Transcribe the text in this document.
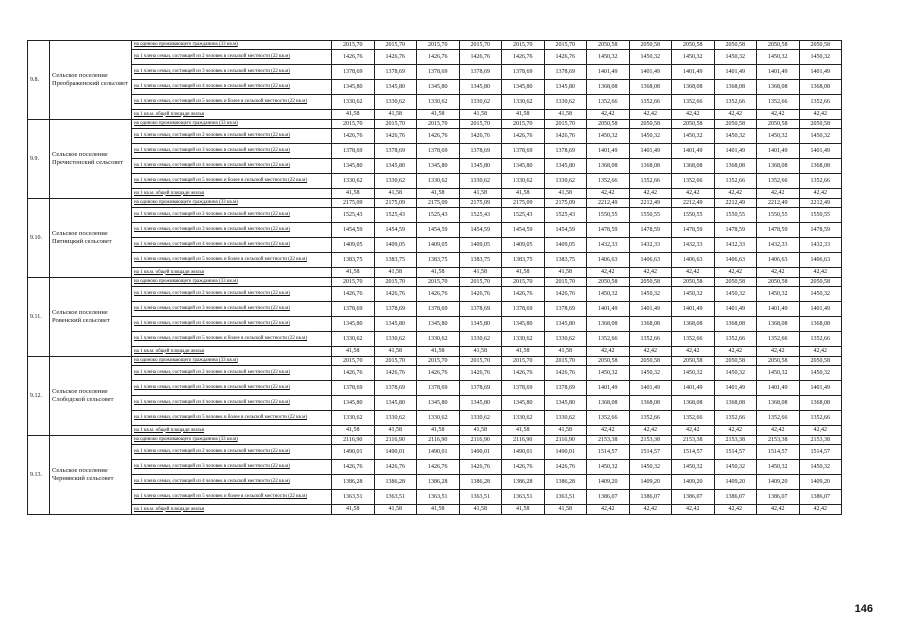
9.8.	Сельское поселение Преображенский сельсовет	на одиноко проживающего гражданина (33 кв.м)	2015,70	2015,70	2015,70	2015,70	2015,70	2015,70	2050,58	2050,58	2050,58	2050,58	2050,58	2050,58
		на 1 члена семьи, состоящей из 2 человек в сельской местности (22 кв.м)	1426,76	1426,76	1426,76	1426,76	1426,76	1426,76	1450,32	1450,32	1450,32	1450,32	1450,32	1450,32
		на 1 члена семьи, состоящей из 3 человек в сельской местности (22 кв.м)	1378,69	1378,69	1378,69	1378,69	1378,69	1378,69	1401,49	1401,49	1401,49	1401,49	1401,49	1401,49
		на 1 члена семьи, состоящей из 4 человек в сельской местности (22 кв.м)	1345,80	1345,80	1345,80	1345,80	1345,80	1345,80	1368,08	1368,08	1368,08	1368,08	1368,08	1368,08
		на 1 члена семьи, состоящей из 5 человек и более в сельской местности (22 кв.м)	1330,62	1330,62	1330,62	1330,62	1330,62	1330,62	1352,66	1352,66	1352,66	1352,66	1352,66	1352,66
		на 1 кв.м. общей площади жилья	41,58	41,58	41,58	41,58	41,58	41,58	42,42	42,42	42,42	42,42	42,42	42,42
9.9.	Сельское поселение Пречистенский сельсовет	на одиноко проживающего гражданина (33 кв.м)	2015,70	2015,70	2015,70	2015,70	2015,70	2015,70	2050,58	2050,58	2050,58	2050,58	2050,58	2050,58
		на 1 члена семьи, состоящей из 2 человек в сельской местности (22 кв.м)	1426,76	1426,76	1426,76	1426,76	1426,76	1426,76	1450,32	1450,32	1450,32	1450,32	1450,32	1450,32
		на 1 члена семьи, состоящей из 3 человек в сельской местности (22 кв.м)	1378,69	1378,69	1378,69	1378,69	1378,69	1378,69	1401,49	1401,49	1401,49	1401,49	1401,49	1401,49
		на 1 члена семьи, состоящей из 4 человек в сельской местности (22 кв.м)	1345,80	1345,80	1345,80	1345,80	1345,80	1345,80	1368,08	1368,08	1368,08	1368,08	1368,08	1368,08
		на 1 члена семьи, состоящей из 5 человек и более в сельской местности (22 кв.м)	1330,62	1330,62	1330,62	1330,62	1330,62	1330,62	1352,66	1352,66	1352,66	1352,66	1352,66	1352,66
		на 1 кв.м. общей площади жилья	41,58	41,58	41,58	41,58	41,58	41,58	42,42	42,42	42,42	42,42	42,42	42,42
9.10.	Сельское поселение Пятницкий сельсовет	на одиноко проживающего гражданина (33 кв.м)	2175,09	2175,09	2175,09	2175,09	2175,09	2175,09	2212,49	2212,49	2212,49	2212,49	2212,49	2212,49
		на 1 члена семьи, состоящей из 2 человек в сельской местности (22 кв.м)	1525,43	1525,43	1525,43	1525,43	1525,43	1525,43	1550,55	1550,55	1550,55	1550,55	1550,55	1550,55
		на 1 члена семьи, состоящей из 3 человек в сельской местности (22 кв.м)	1454,59	1454,59	1454,59	1454,59	1454,59	1454,59	1478,59	1478,59	1478,59	1478,59	1478,59	1478,59
		на 1 члена семьи, состоящей из 4 человек в сельской местности (22 кв.м)	1409,05	1409,05	1409,05	1409,05	1409,05	1409,05	1432,33	1432,33	1432,33	1432,33	1432,33	1432,33
		на 1 члена семьи, состоящей из 5 человек и более в сельской местности (22 кв.м)	1383,75	1383,75	1383,75	1383,75	1383,75	1383,75	1406,63	1406,63	1406,63	1406,63	1406,63	1406,63
		на 1 кв.м. общей площади жилья	41,58	41,58	41,58	41,58	41,58	41,58	42,42	42,42	42,42	42,42	42,42	42,42
9.11.	Сельское поселение Ровенский сельсовет	на одиноко проживающего гражданина (33 кв.м)	2015,70	2015,70	2015,70	2015,70	2015,70	2015,70	2050,58	2050,58	2050,58	2050,58	2050,58	2050,58
		на 1 члена семьи, состоящей из 2 человек в сельской местности (22 кв.м)	1426,76	1426,76	1426,76	1426,76	1426,76	1426,76	1450,32	1450,32	1450,32	1450,32	1450,32	1450,32
		на 1 члена семьи, состоящей из 3 человек в сельской местности (22 кв.м)	1378,69	1378,69	1378,69	1378,69	1378,69	1378,69	1401,49	1401,49	1401,49	1401,49	1401,49	1401,49
		на 1 члена семьи, состоящей из 4 человек в сельской местности (22 кв.м)	1345,80	1345,80	1345,80	1345,80	1345,80	1345,80	1368,08	1368,08	1368,08	1368,08	1368,08	1368,08
		на 1 члена семьи, состоящей из 5 человек и более в сельской местности (22 кв.м)	1330,62	1330,62	1330,62	1330,62	1330,62	1330,62	1352,66	1352,66	1352,66	1352,66	1352,66	1352,66
		на 1 кв.м. общей площади жилья	41,58	41,58	41,58	41,58	41,58	41,58	42,42	42,42	42,42	42,42	42,42	42,42
9.12.	Сельское поселение Слободской сельсовет	на одиноко проживающего гражданина (33 кв.м)	2015,70	2015,70	2015,70	2015,70	2015,70	2015,70	2050,58	2050,58	2050,58	2050,58	2050,58	2050,58
		на 1 члена семьи, состоящей из 2 человек в сельской местности (22 кв.м)	1426,76	1426,76	1426,76	1426,76	1426,76	1426,76	1450,32	1450,32	1450,32	1450,32	1450,32	1450,32
		на 1 члена семьи, состоящей из 3 человек в сельской местности (22 кв.м)	1378,69	1378,69	1378,69	1378,69	1378,69	1378,69	1401,49	1401,49	1401,49	1401,49	1401,49	1401,49
		на 1 члена семьи, состоящей из 4 человек в сельской местности (22 кв.м)	1345,80	1345,80	1345,80	1345,80	1345,80	1345,80	1368,08	1368,08	1368,08	1368,08	1368,08	1368,08
		на 1 члена семьи, состоящей из 5 человек и более в сельской местности (22 кв.м)	1330,62	1330,62	1330,62	1330,62	1330,62	1330,62	1352,66	1352,66	1352,66	1352,66	1352,66	1352,66
		на 1 кв.м. общей площади жилья	41,58	41,58	41,58	41,58	41,58	41,58	42,42	42,42	42,42	42,42	42,42	42,42
9.13.	Сельское поселение Чернявский сельсовет	на одиноко проживающего гражданина (33 кв.м)	2116,90	2116,90	2116,90	2116,90	2116,90	2116,90	2153,38	2153,38	2153,38	2153,38	2153,38	2153,38
		на 1 члена семьи, состоящей из 2 человек в сельской местности (22 кв.м)	1490,01	1490,01	1490,01	1490,01	1490,01	1490,01	1514,57	1514,57	1514,57	1514,57	1514,57	1514,57
		на 1 члена семьи, состоящей из 3 человек в сельской местности (22 кв.м)	1426,76	1426,76	1426,76	1426,76	1426,76	1426,76	1450,32	1450,32	1450,32	1450,32	1450,32	1450,32
		на 1 члена семьи, состоящей из 4 человек в сельской местности (22 кв.м)	1386,28	1386,28	1386,28	1386,28	1386,28	1386,28	1409,20	1409,20	1409,20	1409,20	1409,20	1409,20
		на 1 члена семьи, состоящей из 5 человек и более в сельской местности (22 кв.м)	1363,51	1363,51	1363,51	1363,51	1363,51	1363,51	1386,07	1386,07	1386,07	1386,07	1386,07	1386,07
		на 1 кв.м. общей площади жилья	41,58	41,58	41,58	41,58	41,58	41,58	42,42	42,42	42,42	42,42	42,42	42,42
146
